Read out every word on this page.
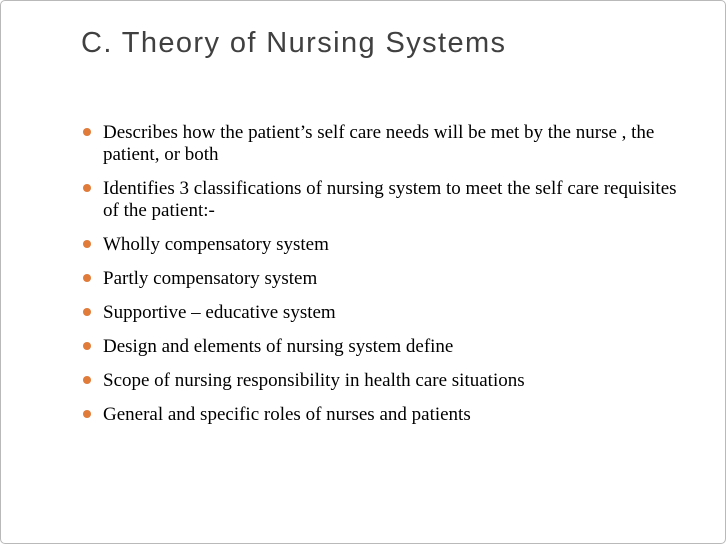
C. Theory of Nursing Systems
Describes how the patient’s self care needs will be met by the nurse , the patient, or both
Identifies 3 classifications of nursing system to meet the self care requisites of the patient:-
Wholly compensatory system
Partly compensatory system
Supportive – educative system
Design and elements of nursing system define
Scope of nursing responsibility in health care situations
General and specific roles of nurses and patients
